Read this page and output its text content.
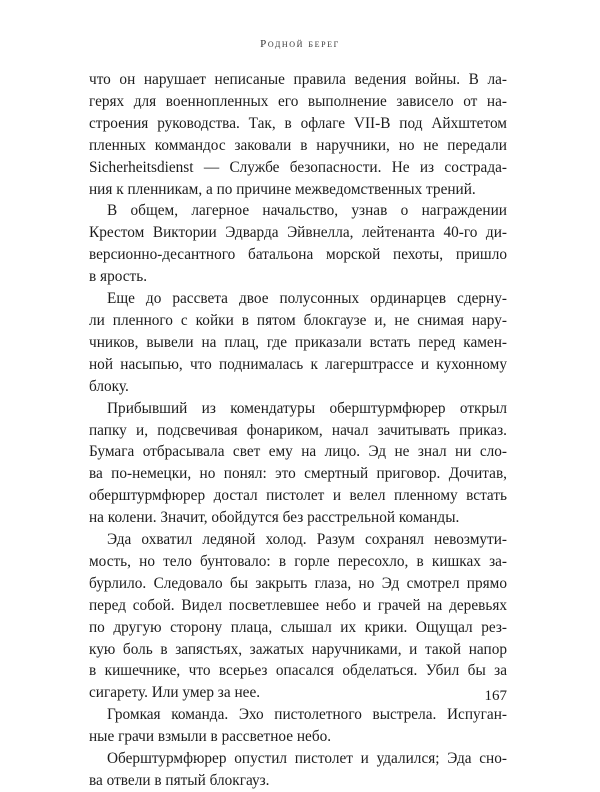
Родной берег
что он нарушает неписаные правила ведения войны. В ла-
герях для военнопленных его выполнение зависело от на-
строения руководства. Так, в офлаге VII-B под Айхштетом
пленных коммандос заковали в наручники, но не передали
Sicherheitsdienst — Службе безопасности. Не из сострада-
ния к пленникам, а по причине межведомственных трений.
В общем, лагерное начальство, узнав о награждении
Крестом Виктории Эдварда Эйвнелла, лейтенанта 40-го ди-
версионно-десантного батальона морской пехоты, пришло
в ярость.
Еще до рассвета двое полусонных ординарцев сдерну-
ли пленного с койки в пятом блокгаузе и, не снимая нару-
чников, вывели на плац, где приказали встать перед камен-
ной насыпью, что поднималась к лагерштрассе и кухонному
блоку.
Прибывший из комендатуры оберштурмфюрер открыл
папку и, подсвечивая фонариком, начал зачитывать приказ.
Бумага отбрасывала свет ему на лицо. Эд не знал ни сло-
ва по-немецки, но понял: это смертный приговор. Дочитав,
оберштурмфюрер достал пистолет и велел пленному встать
на колени. Значит, обойдутся без расстрельной команды.
Эда охватил ледяной холод. Разум сохранял невозмути-
мость, но тело бунтовало: в горле пересохло, в кишках за-
бурлило. Следовало бы закрыть глаза, но Эд смотрел прямо
перед собой. Видел посветлевшее небо и грачей на деревьях
по другую сторону плаца, слышал их крики. Ощущал рез-
кую боль в запястьях, зажатых наручниками, и такой напор
в кишечнике, что всерьез опасался обделаться. Убил бы за
сигарету. Или умер за нее.
Громкая команда. Эхо пистолетного выстрела. Испуган-
ные грачи взмыли в рассветное небо.
Оберштурмфюрер опустил пистолет и удалился; Эда сно-
ва отвели в пятый блокгауз.
167
